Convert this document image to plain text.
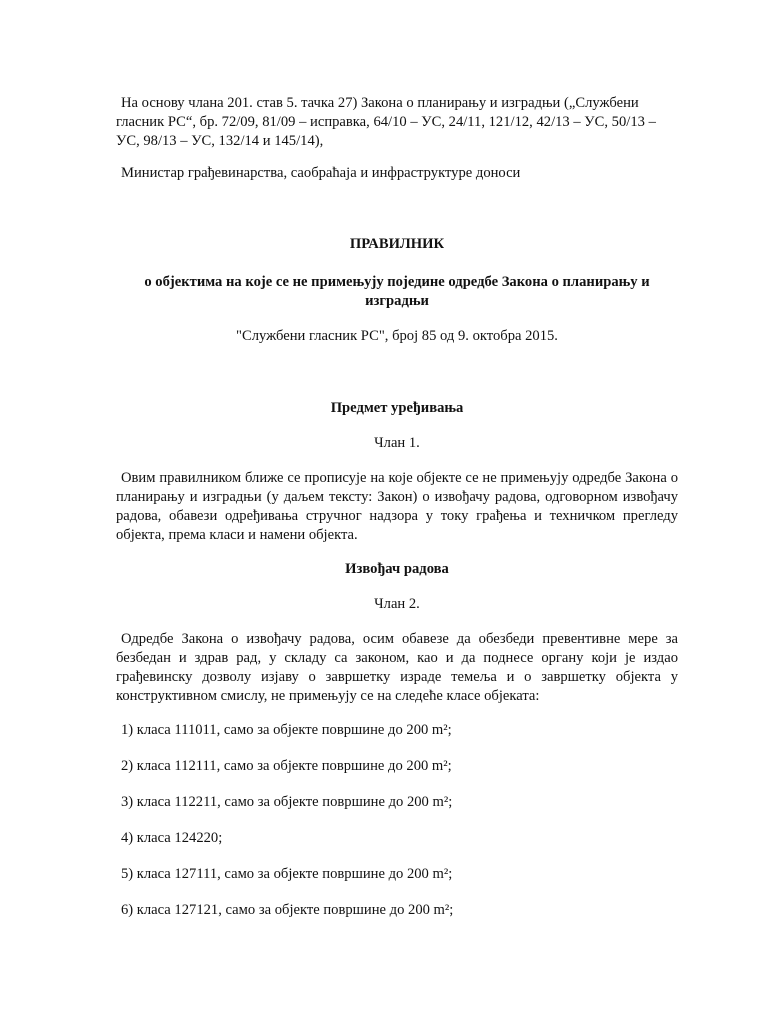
На основу члана 201. став 5. тачка 27) Закона о планирању и изградњи („Службени гласник РС“, бр. 72/09, 81/09 – исправка, 64/10 – УС, 24/11, 121/12, 42/13 – УС, 50/13 – УС, 98/13 – УС, 132/14 и 145/14),

Министар грађевинарства, саобраћаја и инфраструктуре доноси

ПРАВИЛНИК

о објектима на које се не примењују поједине одредбе Закона о планирању и изградњи

"Службени гласник РС", број 85 од 9. октобра 2015.

Предмет уређивања

Члан 1.

Овим правилником ближе се прописује на које објекте се не примењују одредбе Закона о планирању и изградњи (у даљем тексту: Закон) о извођачу радова, одговорном извођачу радова, обавези одређивања стручног надзора у току грађења и техничком прегледу објекта, према класи и намени објекта.

Извођач радова

Члан 2.

Одредбе Закона о извођачу радова, осим обавезе да обезбеди превентивне мере за безбедан и здрав рад, у складу са законом, као и да поднесе органу који је издао грађевинску дозволу изјаву о завршетку израде темеља и о завршетку објекта у конструктивном смислу, не примењују се на следеће класе објеката:

1) класа 111011, само за објекте површине до 200 m²;

2) класа 112111, само за објекте површине до 200 m²;

3) класа 112211, само за објекте површине до 200 m²;

4) класа 124220;

5) класа 127111, само за објекте површине до 200 m²;

6) класа 127121, само за објекте површине до 200 m²;
